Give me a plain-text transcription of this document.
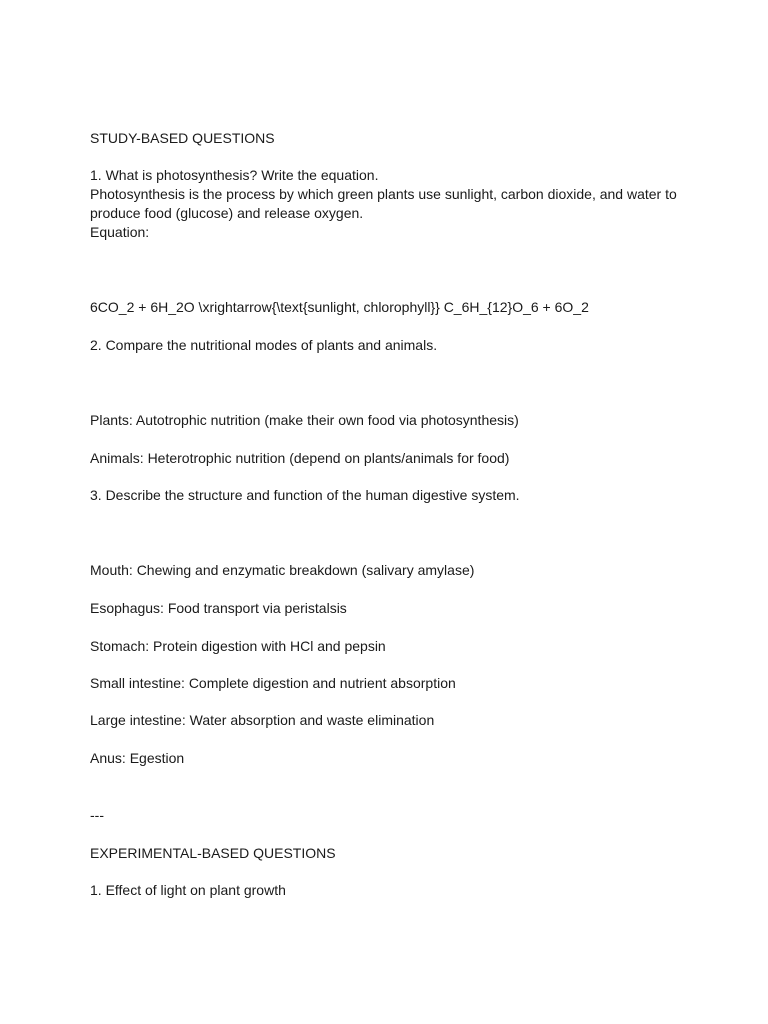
STUDY-BASED QUESTIONS
1. What is photosynthesis? Write the equation.
Photosynthesis is the process by which green plants use sunlight, carbon dioxide, and water to produce food (glucose) and release oxygen.
Equation:
6CO_2 + 6H_2O \xrightarrow{\text{sunlight, chlorophyll}} C_6H_{12}O_6 + 6O_2
2. Compare the nutritional modes of plants and animals.
Plants: Autotrophic nutrition (make their own food via photosynthesis)
Animals: Heterotrophic nutrition (depend on plants/animals for food)
3. Describe the structure and function of the human digestive system.
Mouth: Chewing and enzymatic breakdown (salivary amylase)
Esophagus: Food transport via peristalsis
Stomach: Protein digestion with HCl and pepsin
Small intestine: Complete digestion and nutrient absorption
Large intestine: Water absorption and waste elimination
Anus: Egestion
---
EXPERIMENTAL-BASED QUESTIONS
1. Effect of light on plant growth
